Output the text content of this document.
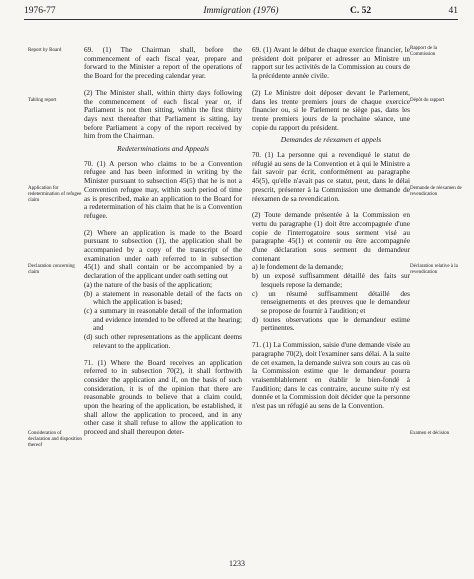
1976-77	Immigration (1976)	C. 52	41
Report by Board
Tabling report
Application for redetermination of refugee claim
Declaration concerning claim
Consideration of declaration and disposition thereof
Rapport de la Commission
Dépôt du rapport
Demande de réexamen de revendication
Déclaration relative à la revendication
Examen et décision

69. (1) The Chairman shall, before the commencement of each fiscal year, prepare and forward to the Minister a report of the operations of the Board for the preceding calendar year.

(2) The Minister shall, within thirty days following the commencement of each fiscal year or, if Parliament is not then sitting, within the first thirty days next thereafter that Parliament is sitting, lay before Parliament a copy of the report received by him from the Chairman.

Redeterminations and Appeals

70. (1) A person who claims to be a Convention refugee and has been informed in writing by the Minister pursuant to subsection 45(5) that he is not a Convention refugee may, within such period of time as is prescribed, make an application to the Board for a redetermination of his claim that he is a Convention refugee.

(2) Where an application is made to the Board pursuant to subsection (1), the application shall be accompanied by a copy of the transcript of the examination under oath referred to in subsection 45(1) and shall contain or be accompanied by a declaration of the applicant under oath setting out

(a) the nature of the basis of the application;

(b) a statement in reasonable detail of the facts on which the application is based;

(c) a summary in reasonable detail of the information and evidence intended to be offered at the hearing; and

(d) such other representations as the applicant deems relevant to the application.

71. (1) Where the Board receives an application referred to in subsection 70(2), it shall forthwith consider the application and if, on the basis of such consideration, it is of the opinion that there are reasonable grounds to believe that a claim could, upon the hearing of the application, be established, it shall allow the application to proceed, and in any other case it shall refuse to allow the application to proceed and shall thereupon deter-

69. (1) Avant le début de chaque exercice financier, le président doit préparer et adresser au Ministre un rapport sur les activités de la Commission au cours de la précédente année civile.

(2) Le Ministre doit déposer devant le Parlement, dans les trente premiers jours de chaque exercice financier ou, si le Parlement ne siège pas, dans les trente premiers jours de la prochaine séance, une copie du rapport du président.

Demandes de réexamen et appels

70. (1) La personne qui a revendiqué le statut de réfugié au sens de la Convention et à qui le Ministre a fait savoir par écrit, conformément au paragraphe 45(5), qu'elle n'avait pas ce statut, peut, dans le délai prescrit, présenter à la Commission une demande de réexamen de sa revendication.

(2) Toute demande présentée à la Commission en vertu du paragraphe (1) doit être accompagnée d'une copie de l'interrogatoire sous serment visé au paragraphe 45(1) et contenir ou être accompagnée d'une déclaration sous serment du demandeur contenant

a) le fondement de la demande;

b) un exposé suffisamment détaillé des faits sur lesquels repose la demande;

c) un résumé suffisamment détaillé des renseignements et des preuves que le demandeur se propose de fournir à l'audition; et

d) toutes observations que le demandeur estime pertinentes.

71. (1) La Commission, saisie d'une demande visée au paragraphe 70(2), doit l'examiner sans délai. A la suite de cet examen, la demande suivra son cours au cas où la Commission estime que le demandeur pourra vraisemblablement en établir le bien-fondé à l'audition; dans le cas contraire, aucune suite n'y est donnée et la Commission doit décider que la personne n'est pas un réfugié au sens de la Convention.

1233
